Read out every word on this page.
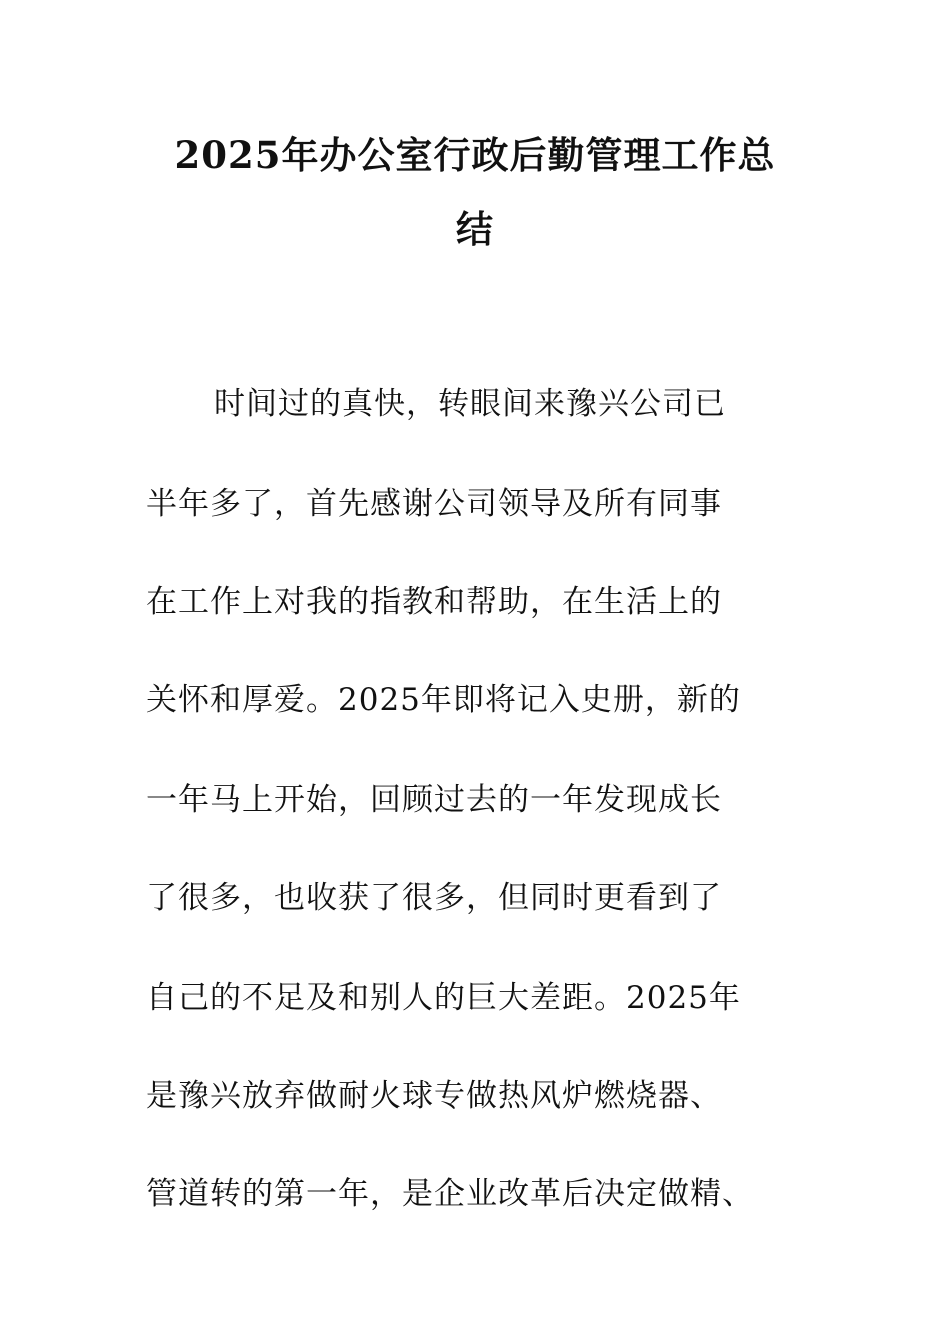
2025年办公室行政后勤管理工作总
结
时间过的真快，转眼间来豫兴公司已
半年多了，首先感谢公司领导及所有同事
在工作上对我的指教和帮助，在生活上的
关怀和厚爱。2025年即将记入史册，新的
一年马上开始，回顾过去的一年发现成长
了很多，也收获了很多，但同时更看到了
自己的不足及和别人的巨大差距。2025年
是豫兴放弃做耐火球专做热风炉燃烧器、
管道转的第一年，是企业改革后决定做精、
